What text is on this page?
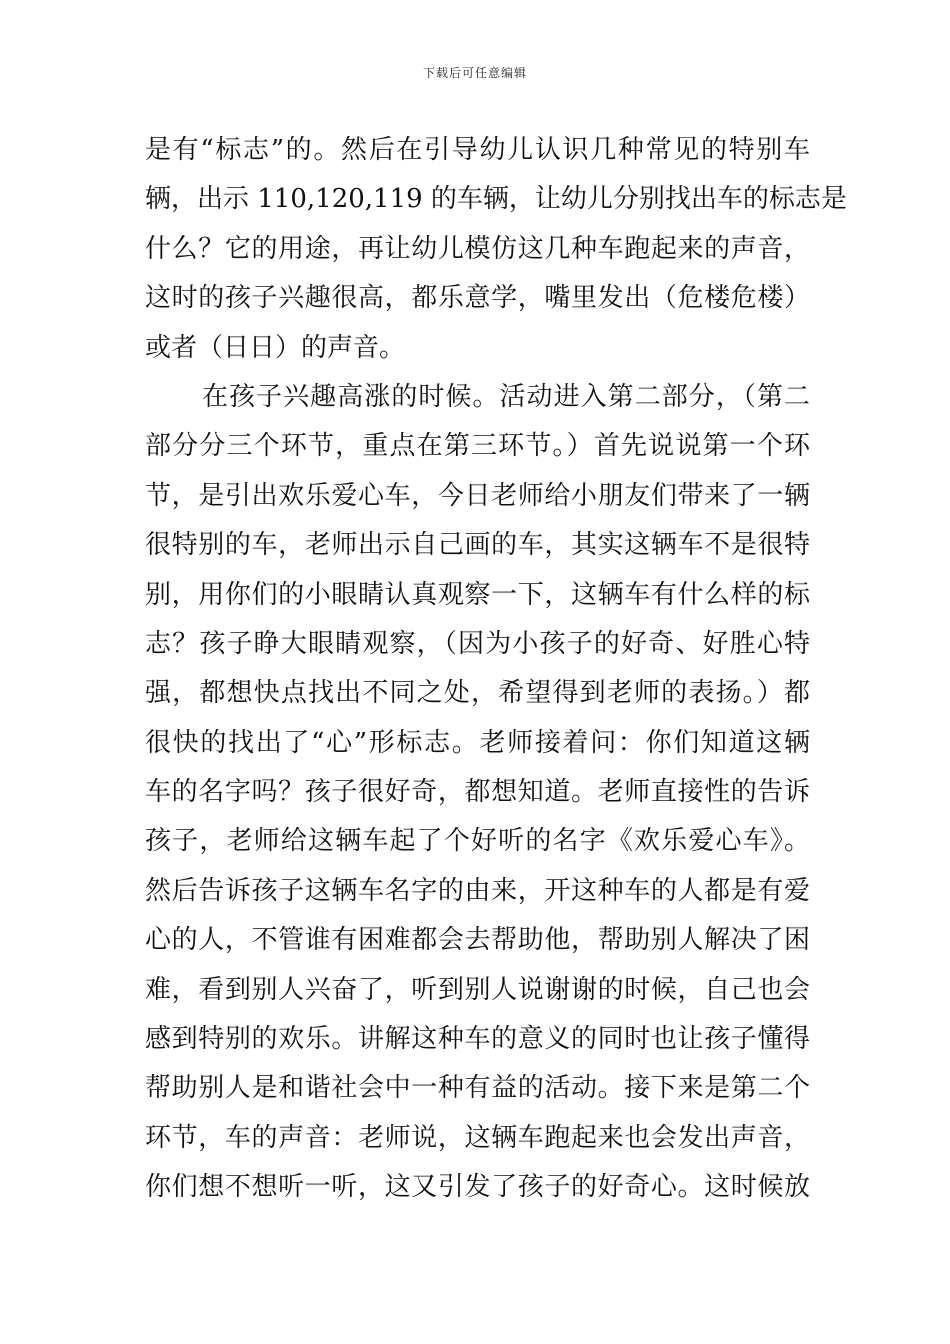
下载后可任意编辑
是有“标志”的。然后在引导幼儿认识几种常见的特别车
辆，出示 110,120,119 的车辆，让幼儿分别找出车的标志是
什么？它的用途，再让幼儿模仿这几种车跑起来的声音，
这时的孩子兴趣很高，都乐意学，嘴里发出（危楼危楼）
或者（日日）的声音。
在孩子兴趣高涨的时候。活动进入第二部分，（第二
部分分三个环节，重点在第三环节。）首先说说第一个环
节，是引出欢乐爱心车，今日老师给小朋友们带来了一辆
很特别的车，老师出示自己画的车，其实这辆车不是很特
别，用你们的小眼睛认真观察一下，这辆车有什么样的标
志？孩子睁大眼睛观察，（因为小孩子的好奇、好胜心特
强，都想快点找出不同之处，希望得到老师的表扬。）都
很快的找出了“心”形标志。老师接着问：你们知道这辆
车的名字吗？孩子很好奇，都想知道。老师直接性的告诉
孩子，老师给这辆车起了个好听的名字《欢乐爱心车》。
然后告诉孩子这辆车名字的由来，开这种车的人都是有爱
心的人，不管谁有困难都会去帮助他，帮助别人解决了困
难，看到别人兴奋了，听到别人说谢谢的时候，自己也会
感到特别的欢乐。讲解这种车的意义的同时也让孩子懂得
帮助别人是和谐社会中一种有益的活动。接下来是第二个
环节，车的声音：老师说，这辆车跑起来也会发出声音，
你们想不想听一听，这又引发了孩子的好奇心。这时候放
